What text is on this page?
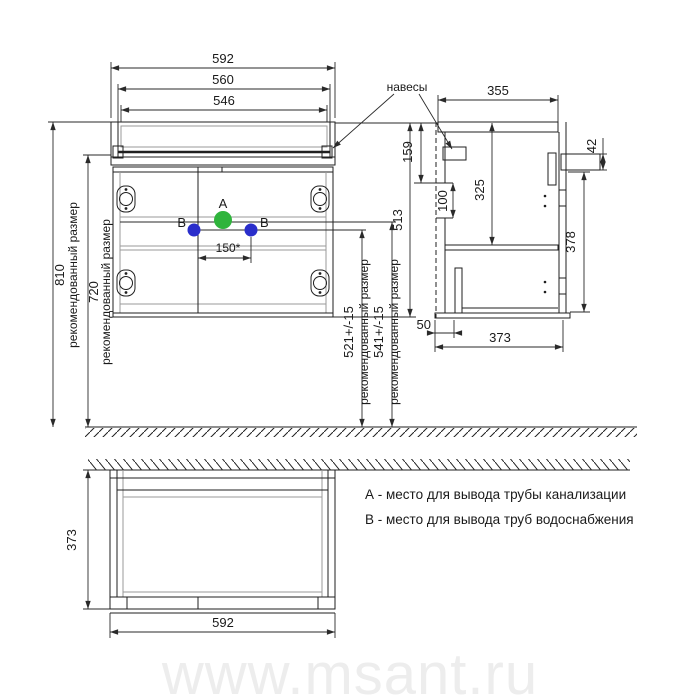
A
B	B
150*
592
560
546
810 рекомендованный размер 720
рекомендованный размер	513
521+/-15 рекомендованный размер 541+/-15 рекомендованный размер
навесы	355
100
159
325
42
378
50
373
373
592
А - место для вывода трубы канализации
В - место для вывода труб водоснабжения
www.msant.ru
